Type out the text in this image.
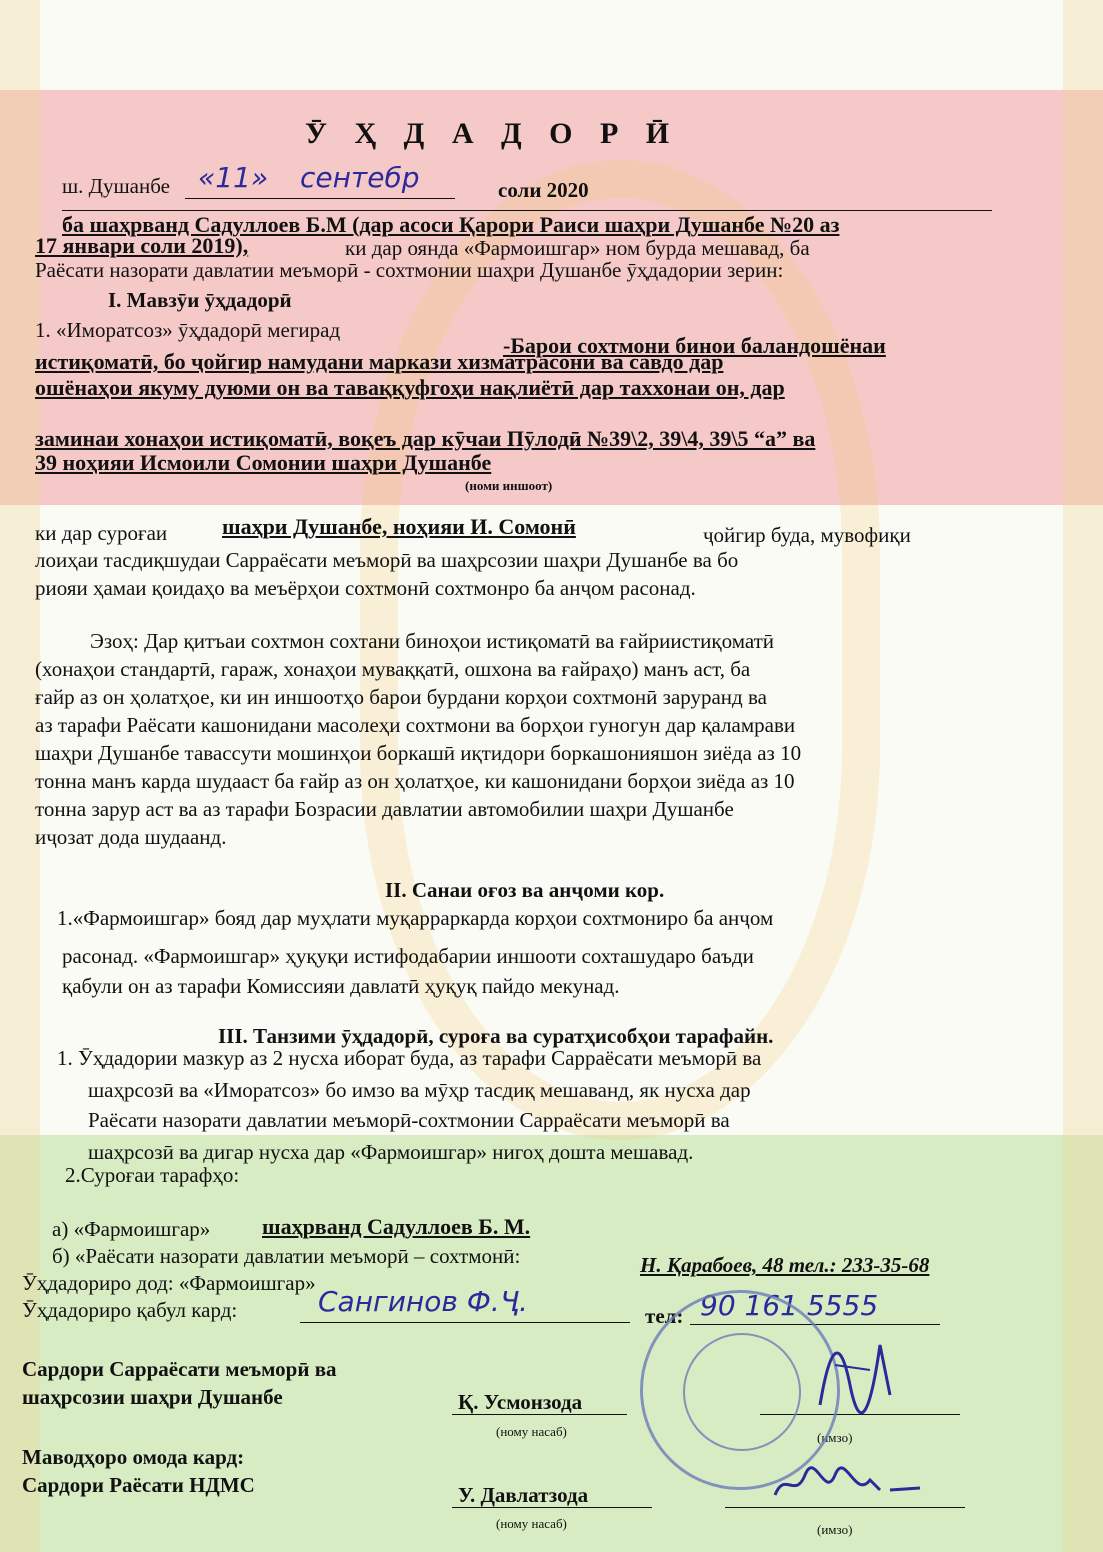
Ӯ Ҳ Д А Д О Р Ӣ
ш. Душанбе «11» сентебр	соли 2020
ба шаҳрванд Садуллоев Б.М (дар асоси Қарори Раиси шаҳри Душанбе №20 аз
17 январи соли 2019),	ки дар оянда «Фармоишгар» ном бурда мешавад, ба
Раёсати назорати давлатии меъморӣ - сохтмонии шаҳри Душанбе ӯҳдадории зерин:
I. Мавзӯи ӯҳдадорӣ
1. «Иморатсоз» ӯҳдадорӣ мегирад
-Барои сохтмони бинои баландошёнаи
истиқоматӣ, бо ҷойгир намудани маркази хизматрасонӣ ва савдо дар
ошёнаҳои якуму дуюми он ва таваққуфгоҳи нақлиётӣ дар таххонаи он, дар
заминаи хонаҳои истиқоматӣ, воқеъ дар кӯчаи Пӯлодӣ №39\2, 39\4, 39\5 “а” ва
39 ноҳияи Исмоили Сомонии шаҳри Душанбе
(номи иншоот)
ки дар суроғаи шаҳри Душанбе, ноҳияи И. Сомонӣ	ҷойгир буда, мувофиқи
лоиҳаи тасдиқшудаи Сарраёсати меъморӣ ва шаҳрсозии шаҳри Душанбе ва бо
риояи ҳамаи қоидаҳо ва меъёрҳои сохтмонӣ сохтмонро ба анҷом расонад.
Эзоҳ: Дар қитъаи сохтмон сохтани биноҳои истиқоматӣ ва ғайриистиқоматӣ
(хонаҳои стандартӣ, гараж, хонаҳои муваққатӣ, ошхона ва ғайраҳо) манъ аст, ба
ғайр аз он ҳолатҳое, ки ин иншоотҳо барои бурдани корҳои сохтмонӣ заруранд ва
аз тарафи Раёсати кашонидани масолеҳи сохтмони ва борҳои гуногун дар қаламрави
шаҳри Душанбе тавассути мошинҳои боркашӣ иқтидори боркашонияшон зиёда аз 10
тонна манъ карда шудааст ба ғайр аз он ҳолатҳое, ки кашонидани борҳои зиёда аз 10
тонна зарур аст ва аз тарафи Бозрасии давлатии автомобилии шаҳри Душанбе
иҷозат дода шудаанд.
II. Санаи оғоз ва анҷоми кор.
1.«Фармоишгар» бояд дар муҳлати муқарраркарда корҳои сохтмониро ба анҷом
расонад. «Фармоишгар» ҳуқуқи истифодабарии иншооти сохташударо баъди
қабули он аз тарафи Комиссияи давлатӣ ҳуқуқ пайдо мекунад.
III. Танзими ӯҳдадорӣ, суроға ва суратҳисобҳои тарафайн.
1. Ӯҳдадории мазкур аз 2 нусха иборат буда, аз тарафи Сарраёсати меъморӣ ва
шаҳрсозӣ ва «Иморатсоз» бо имзо ва мӯҳр тасдиқ мешаванд, як нусха дар
Раёсати назорати давлатии меъморӣ-сохтмонии Сарраёсати меъморӣ ва
шаҳрсозӣ ва дигар нусха дар «Фармоишгар» нигоҳ дошта мешавад.
2.Суроғаи тарафҳо:
а) «Фармоишгар» шаҳрванд Садуллоев Б. М.
б) «Раёсати назорати давлатии меъморӣ – сохтмонӣ:	Н. Қарабоев, 48 тел.: 233-35-68
Ӯҳдадориро дод: «Фармоишгар»
Ӯҳдадориро қабул кард:	Сангинов Ф.Ҷ.	тел: 90 161 5555
Сардори Сарраёсати меъморӣ ва
шаҳрсозии шаҳри Душанбе	Қ. Усмонзода
(ному насаб)	(имзо)
Маводҳоро омода кард:
Сардори Раёсати НДМС	У. Давлатзода
(ному насаб)	(имзо)
